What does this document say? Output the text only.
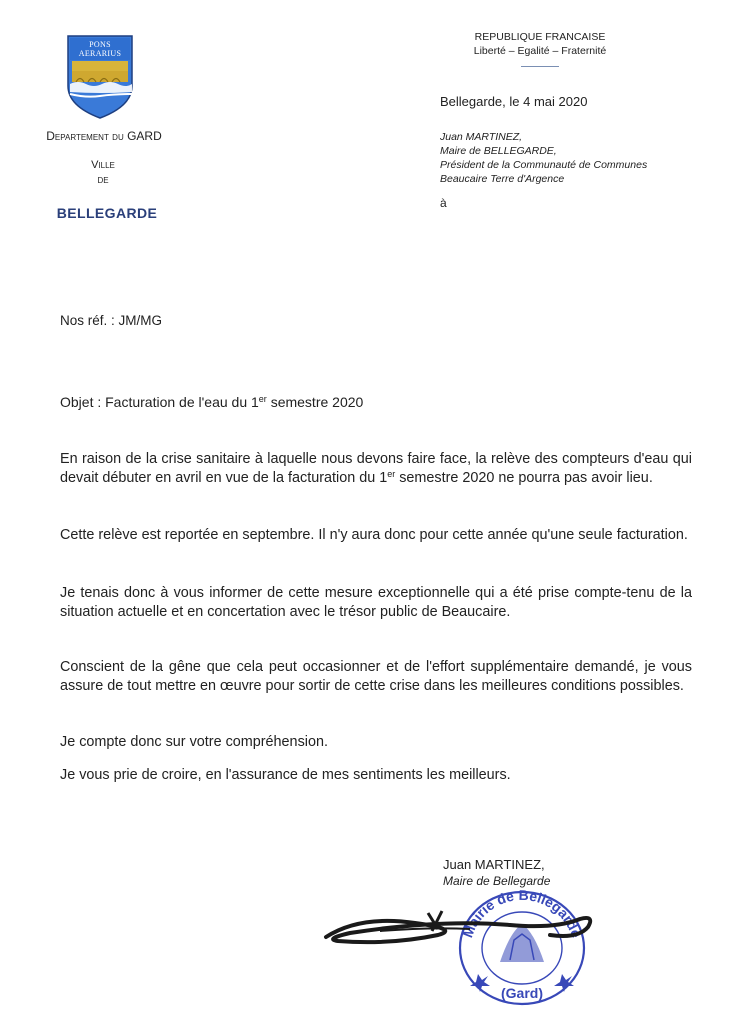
PONS
AERARIUS
Departement du GARD
Ville
de
BELLEGARDE
REPUBLIQUE FRANCAISE
Liberté – Egalité – Fraternité
Bellegarde, le 4 mai 2020
Juan MARTINEZ,
Maire de BELLEGARDE,
Président de la Communauté de Communes
Beaucaire Terre d'Argence
à
Nos réf. : JM/MG
Objet : Facturation de l'eau du 1er semestre 2020
En raison de la crise sanitaire à laquelle nous devons faire face, la relève des compteurs d'eau qui devait débuter en avril en vue de la facturation du 1er semestre 2020 ne pourra pas avoir lieu.
Cette relève est reportée en septembre. Il n'y aura donc pour cette année qu'une seule facturation.
Je tenais donc à vous informer de cette mesure exceptionnelle qui a été prise compte-tenu de la situation actuelle et en concertation avec le trésor public de Beaucaire.
Conscient de la gêne que cela peut occasionner et de l'effort supplémentaire demandé, je vous assure de tout mettre en œuvre pour sortir de cette crise dans les meilleures conditions possibles.
Je compte donc sur votre compréhension.
Je vous prie de croire, en l'assurance de mes sentiments les meilleurs.
Juan MARTINEZ,
Maire de Bellegarde
Mairie de Bellegarde
(Gard)
